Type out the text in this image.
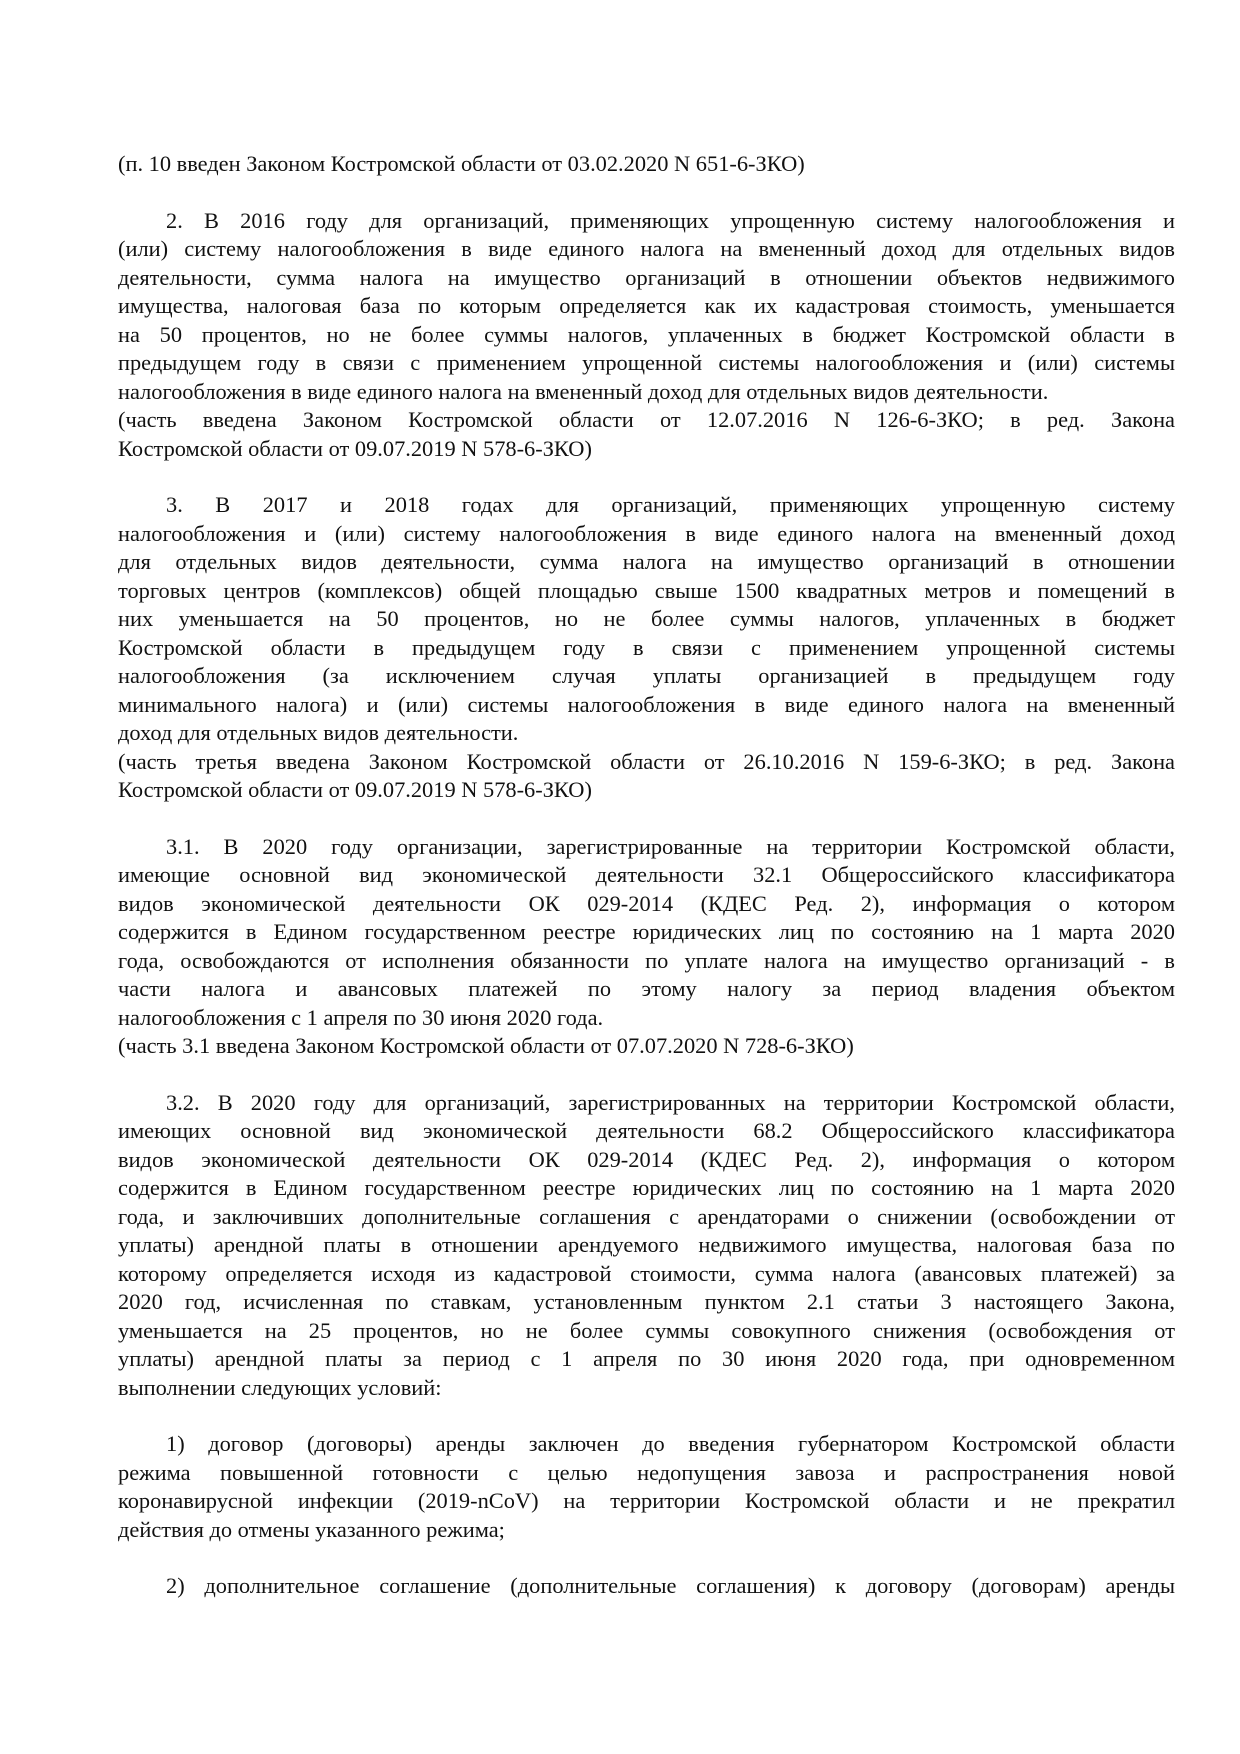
(п. 10 введен Законом Костромской области от 03.02.2020 N 651-6-ЗКО)

2. В 2016 году для организаций, применяющих упрощенную систему налогообложения и

(или) систему налогообложения в виде единого налога на вмененный доход для отдельных видов

деятельности, сумма налога на имущество организаций в отношении объектов недвижимого

имущества, налоговая база по которым определяется как их кадастровая стоимость, уменьшается

на 50 процентов, но не более суммы налогов, уплаченных в бюджет Костромской области в

предыдущем году в связи с применением упрощенной системы налогообложения и (или) системы

налогообложения в виде единого налога на вмененный доход для отдельных видов деятельности.

(часть введена Законом Костромской области от 12.07.2016 N 126-6-ЗКО; в ред. Закона

Костромской области от 09.07.2019 N 578-6-ЗКО)

3. В 2017 и 2018 годах для организаций, применяющих упрощенную систему

налогообложения и (или) систему налогообложения в виде единого налога на вмененный доход

для отдельных видов деятельности, сумма налога на имущество организаций в отношении

торговых центров (комплексов) общей площадью свыше 1500 квадратных метров и помещений в

них уменьшается на 50 процентов, но не более суммы налогов, уплаченных в бюджет

Костромской области в предыдущем году в связи с применением упрощенной системы

налогообложения (за исключением случая уплаты организацией в предыдущем году

минимального налога) и (или) системы налогообложения в виде единого налога на вмененный

доход для отдельных видов деятельности.

(часть третья введена Законом Костромской области от 26.10.2016 N 159-6-ЗКО; в ред. Закона

Костромской области от 09.07.2019 N 578-6-ЗКО)

3.1. В 2020 году организации, зарегистрированные на территории Костромской области,

имеющие основной вид экономической деятельности 32.1 Общероссийского классификатора

видов экономической деятельности ОК 029-2014 (КДЕС Ред. 2), информация о котором

содержится в Едином государственном реестре юридических лиц по состоянию на 1 марта 2020

года, освобождаются от исполнения обязанности по уплате налога на имущество организаций - в

части налога и авансовых платежей по этому налогу за период владения объектом

налогообложения с 1 апреля по 30 июня 2020 года.

(часть 3.1 введена Законом Костромской области от 07.07.2020 N 728-6-ЗКО)

3.2. В 2020 году для организаций, зарегистрированных на территории Костромской области,

имеющих основной вид экономической деятельности 68.2 Общероссийского классификатора

видов экономической деятельности ОК 029-2014 (КДЕС Ред. 2), информация о котором

содержится в Едином государственном реестре юридических лиц по состоянию на 1 марта 2020

года, и заключивших дополнительные соглашения с арендаторами о снижении (освобождении от

уплаты) арендной платы в отношении арендуемого недвижимого имущества, налоговая база по

которому определяется исходя из кадастровой стоимости, сумма налога (авансовых платежей) за

2020 год, исчисленная по ставкам, установленным пунктом 2.1 статьи 3 настоящего Закона,

уменьшается на 25 процентов, но не более суммы совокупного снижения (освобождения от

уплаты) арендной платы за период с 1 апреля по 30 июня 2020 года, при одновременном

выполнении следующих условий:

1) договор (договоры) аренды заключен до введения губернатором Костромской области

режима повышенной готовности с целью недопущения завоза и распространения новой

коронавирусной инфекции (2019-nCoV) на территории Костромской области и не прекратил

действия до отмены указанного режима;

2) дополнительное соглашение (дополнительные соглашения) к договору (договорам) аренды
